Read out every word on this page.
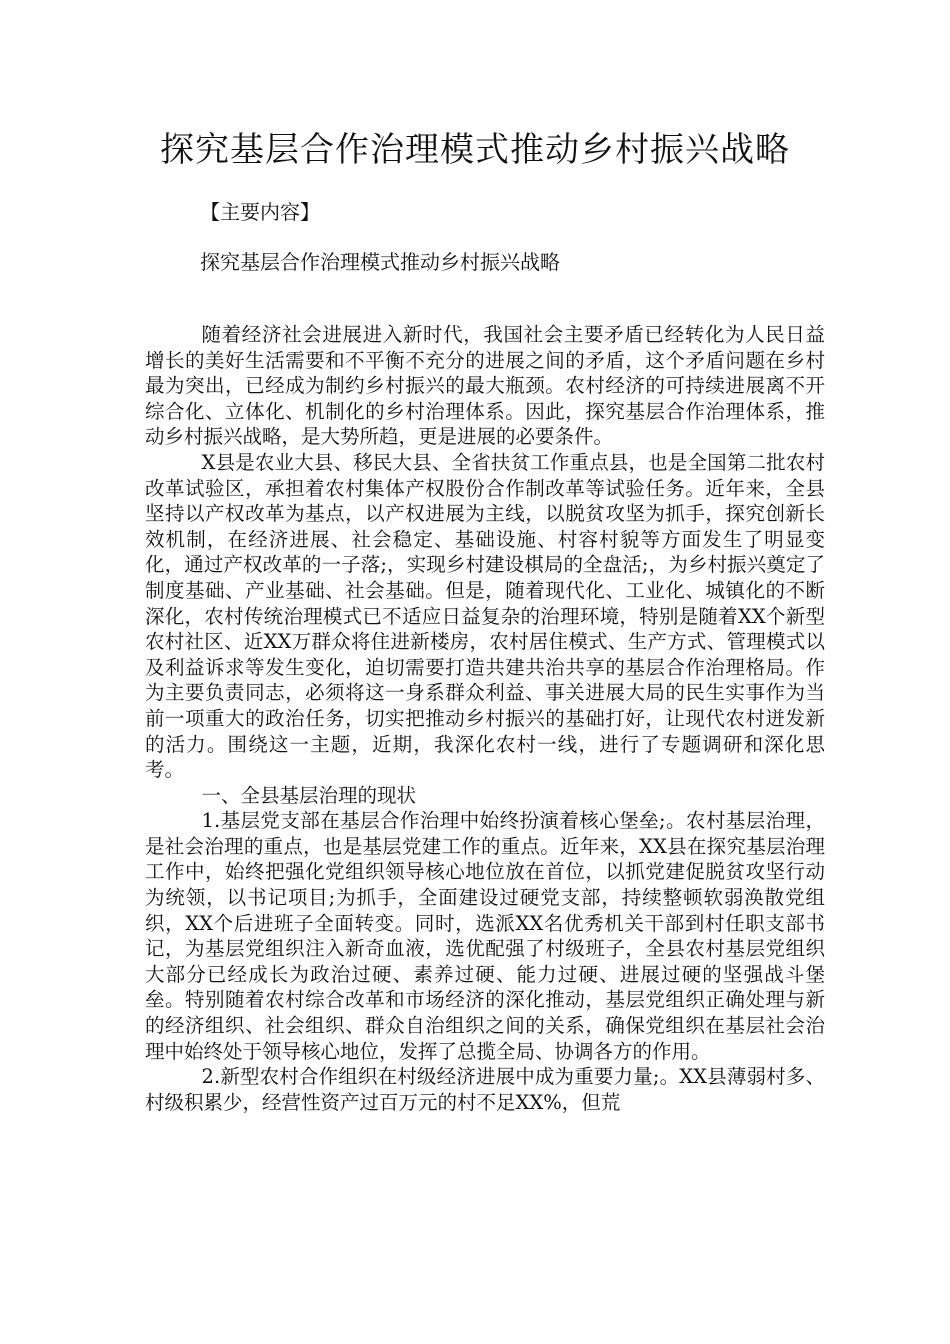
探究基层合作治理模式推动乡村振兴战略

【主要内容】

探究基层合作治理模式推动乡村振兴战略

随着经济社会进展进入新时代，我国社会主要矛盾已经转化为人民日益增长的美好生活需要和不平衡不充分的进展之间的矛盾，这个矛盾问题在乡村最为突出，已经成为制约乡村振兴的最大瓶颈。农村经济的可持续进展离不开综合化、立体化、机制化的乡村治理体系。因此，探究基层合作治理体系，推动乡村振兴战略，是大势所趋，更是进展的必要条件。

X县是农业大县、移民大县、全省扶贫工作重点县，也是全国第二批农村改革试验区，承担着农村集体产权股份合作制改革等试验任务。近年来，全县坚持以产权改革为基点，以产权进展为主线，以脱贫攻坚为抓手，探究创新长效机制，在经济进展、社会稳定、基础设施、村容村貌等方面发生了明显变化，通过产权改革的一子落;，实现乡村建设棋局的全盘活;，为乡村振兴奠定了制度基础、产业基础、社会基础。但是，随着现代化、工业化、城镇化的不断深化，农村传统治理模式已不适应日益复杂的治理环境，特别是随着XX个新型农村社区、近XX万群众将住进新楼房，农村居住模式、生产方式、管理模式以及利益诉求等发生变化，迫切需要打造共建共治共享的基层合作治理格局。作为主要负责同志，必须将这一身系群众利益、事关进展大局的民生实事作为当前一项重大的政治任务，切实把推动乡村振兴的基础打好，让现代农村迸发新的活力。围绕这一主题，近期，我深化农村一线，进行了专题调研和深化思考。

一、全县基层治理的现状

1.基层党支部在基层合作治理中始终扮演着核心堡垒;。农村基层治理，是社会治理的重点，也是基层党建工作的重点。近年来，XX县在探究基层治理工作中，始终把强化党组织领导核心地位放在首位，以抓党建促脱贫攻坚行动为统领，以书记项目;为抓手，全面建设过硬党支部，持续整顿软弱涣散党组织，XX个后进班子全面转变。同时，选派XX名优秀机关干部到村任职支部书记，为基层党组织注入新奇血液，选优配强了村级班子，全县农村基层党组织大部分已经成长为政治过硬、素养过硬、能力过硬、进展过硬的坚强战斗堡垒。特别随着农村综合改革和市场经济的深化推动，基层党组织正确处理与新的经济组织、社会组织、群众自治组织之间的关系，确保党组织在基层社会治理中始终处于领导核心地位，发挥了总揽全局、协调各方的作用。

2.新型农村合作组织在村级经济进展中成为重要力量;。XX县薄弱村多、村级积累少，经营性资产过百万元的村不足XX%，但荒
